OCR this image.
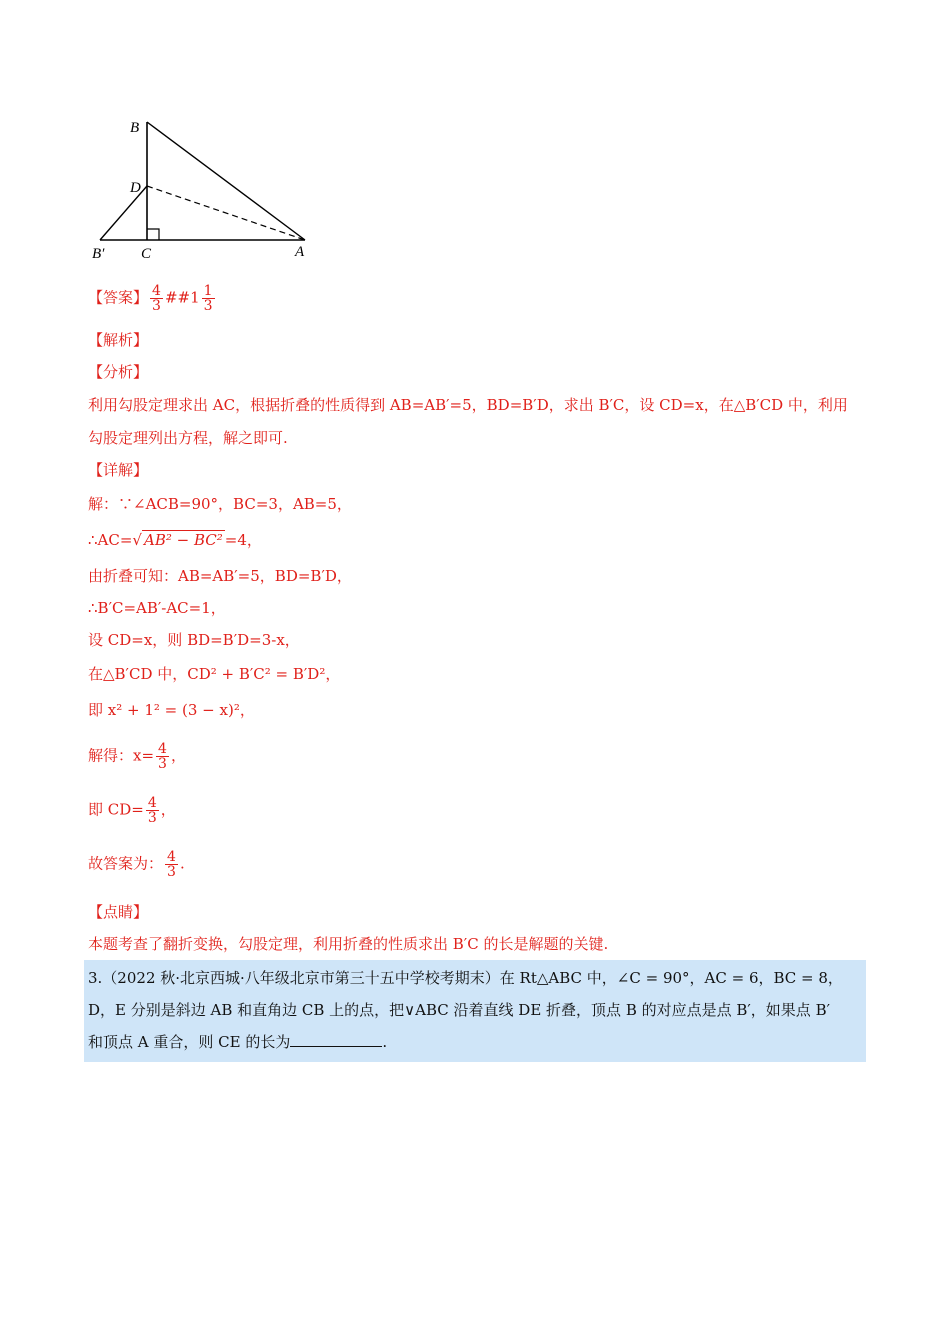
B
D
B′ C	A
【答案】 $\frac{4}{3}$ ##1 $\frac{1}{3}$
【解析】
【分析】
利用勾股定理求出 AC，根据折叠的性质得到 AB=AB′=5，BD=B′D，求出 B′C，设 CD=x，在△B′CD 中，利用
勾股定理列出方程，解之即可.
【详解】
解：∵∠ACB=90°，BC=3，AB=5，
∴AC=√ AB² − BC² =4，
由折叠可知：AB=AB′=5，BD=B′D，
∴B′C=AB′-AC=1，
设 CD=x，则 BD=B′D=3-x，
在△B′CD 中，CD² + B′C² = B′D²，
即 x² + 1² = (3 − x)²，
解得：$x= \frac{4}{3}$ ，
即 $CD= \frac{4}{3}$ ，
故答案为： $\frac{4}{3}$ .
【点睛】
本题考查了翻折变换，勾股定理，利用折叠的性质求出 B′C 的长是解题的关键.
3.（2022 秋·北京西城·八年级北京市第三十五中学校考期末）在 Rt△ABC 中，∠C = 90°，AC = 6，BC = 8，
D，E 分别是斜边 AB 和直角边 CB 上的点，把∨ABC 沿着直线 DE 折叠，顶点 B 的对应点是点 B′，如果点 B′
和顶点 A 重合，则 CE 的长为	.
